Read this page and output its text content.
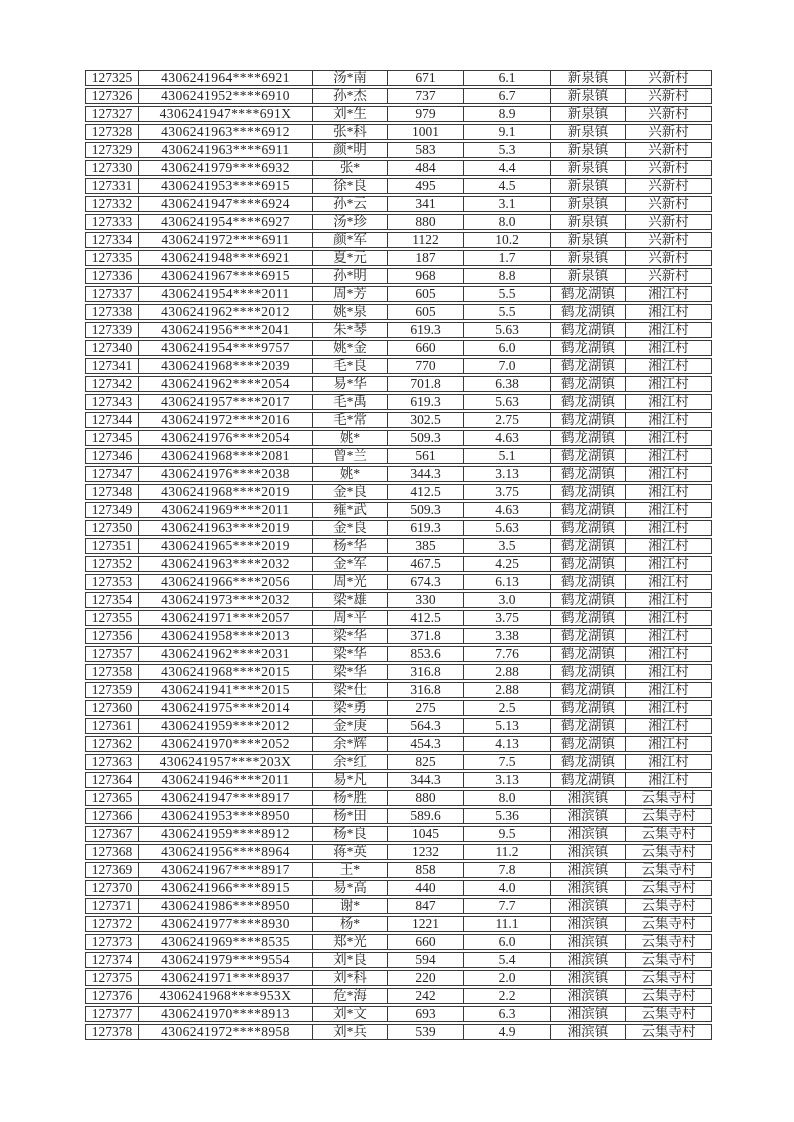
127325	4306241964****6921	汤*南	671	6.1	新泉镇	兴新村
127326	4306241952****6910	孙*杰	737	6.7	新泉镇	兴新村
127327	4306241947****691X	刘*生	979	8.9	新泉镇	兴新村
127328	4306241963****6912	张*科	1001	9.1	新泉镇	兴新村
127329	4306241963****6911	颜*明	583	5.3	新泉镇	兴新村
127330	4306241979****6932	张*	484	4.4	新泉镇	兴新村
127331	4306241953****6915	徐*良	495	4.5	新泉镇	兴新村
127332	4306241947****6924	孙*云	341	3.1	新泉镇	兴新村
127333	4306241954****6927	汤*珍	880	8.0	新泉镇	兴新村
127334	4306241972****6911	颜*军	1122	10.2	新泉镇	兴新村
127335	4306241948****6921	夏*元	187	1.7	新泉镇	兴新村
127336	4306241967****6915	孙*明	968	8.8	新泉镇	兴新村
127337	4306241954****2011	周*芳	605	5.5	鹤龙湖镇	湘江村
127338	4306241962****2012	姚*泉	605	5.5	鹤龙湖镇	湘江村
127339	4306241956****2041	朱*琴	619.3	5.63	鹤龙湖镇	湘江村
127340	4306241954****9757	姚*金	660	6.0	鹤龙湖镇	湘江村
127341	4306241968****2039	毛*良	770	7.0	鹤龙湖镇	湘江村
127342	4306241962****2054	易*华	701.8	6.38	鹤龙湖镇	湘江村
127343	4306241957****2017	毛*禹	619.3	5.63	鹤龙湖镇	湘江村
127344	4306241972****2016	毛*常	302.5	2.75	鹤龙湖镇	湘江村
127345	4306241976****2054	姚*	509.3	4.63	鹤龙湖镇	湘江村
127346	4306241968****2081	曾*兰	561	5.1	鹤龙湖镇	湘江村
127347	4306241976****2038	姚*	344.3	3.13	鹤龙湖镇	湘江村
127348	4306241968****2019	金*良	412.5	3.75	鹤龙湖镇	湘江村
127349	4306241969****2011	雍*武	509.3	4.63	鹤龙湖镇	湘江村
127350	4306241963****2019	金*良	619.3	5.63	鹤龙湖镇	湘江村
127351	4306241965****2019	杨*华	385	3.5	鹤龙湖镇	湘江村
127352	4306241963****2032	金*军	467.5	4.25	鹤龙湖镇	湘江村
127353	4306241966****2056	周*光	674.3	6.13	鹤龙湖镇	湘江村
127354	4306241973****2032	梁*雄	330	3.0	鹤龙湖镇	湘江村
127355	4306241971****2057	周*平	412.5	3.75	鹤龙湖镇	湘江村
127356	4306241958****2013	梁*华	371.8	3.38	鹤龙湖镇	湘江村
127357	4306241962****2031	梁*华	853.6	7.76	鹤龙湖镇	湘江村
127358	4306241968****2015	梁*华	316.8	2.88	鹤龙湖镇	湘江村
127359	4306241941****2015	梁*仕	316.8	2.88	鹤龙湖镇	湘江村
127360	4306241975****2014	梁*勇	275	2.5	鹤龙湖镇	湘江村
127361	4306241959****2012	金*庚	564.3	5.13	鹤龙湖镇	湘江村
127362	4306241970****2052	余*辉	454.3	4.13	鹤龙湖镇	湘江村
127363	4306241957****203X	余*红	825	7.5	鹤龙湖镇	湘江村
127364	4306241946****2011	易*凡	344.3	3.13	鹤龙湖镇	湘江村
127365	4306241947****8917	杨*胜	880	8.0	湘滨镇	云集寺村
127366	4306241953****8950	杨*田	589.6	5.36	湘滨镇	云集寺村
127367	4306241959****8912	杨*良	1045	9.5	湘滨镇	云集寺村
127368	4306241956****8964	蒋*英	1232	11.2	湘滨镇	云集寺村
127369	4306241967****8917	王*	858	7.8	湘滨镇	云集寺村
127370	4306241966****8915	易*高	440	4.0	湘滨镇	云集寺村
127371	4306241986****8950	谢*	847	7.7	湘滨镇	云集寺村
127372	4306241977****8930	杨*	1221	11.1	湘滨镇	云集寺村
127373	4306241969****8535	郑*光	660	6.0	湘滨镇	云集寺村
127374	4306241979****9554	刘*良	594	5.4	湘滨镇	云集寺村
127375	4306241971****8937	刘*科	220	2.0	湘滨镇	云集寺村
127376	4306241968****953X	危*海	242	2.2	湘滨镇	云集寺村
127377	4306241970****8913	刘*文	693	6.3	湘滨镇	云集寺村
127378	4306241972****8958	刘*兵	539	4.9	湘滨镇	云集寺村
